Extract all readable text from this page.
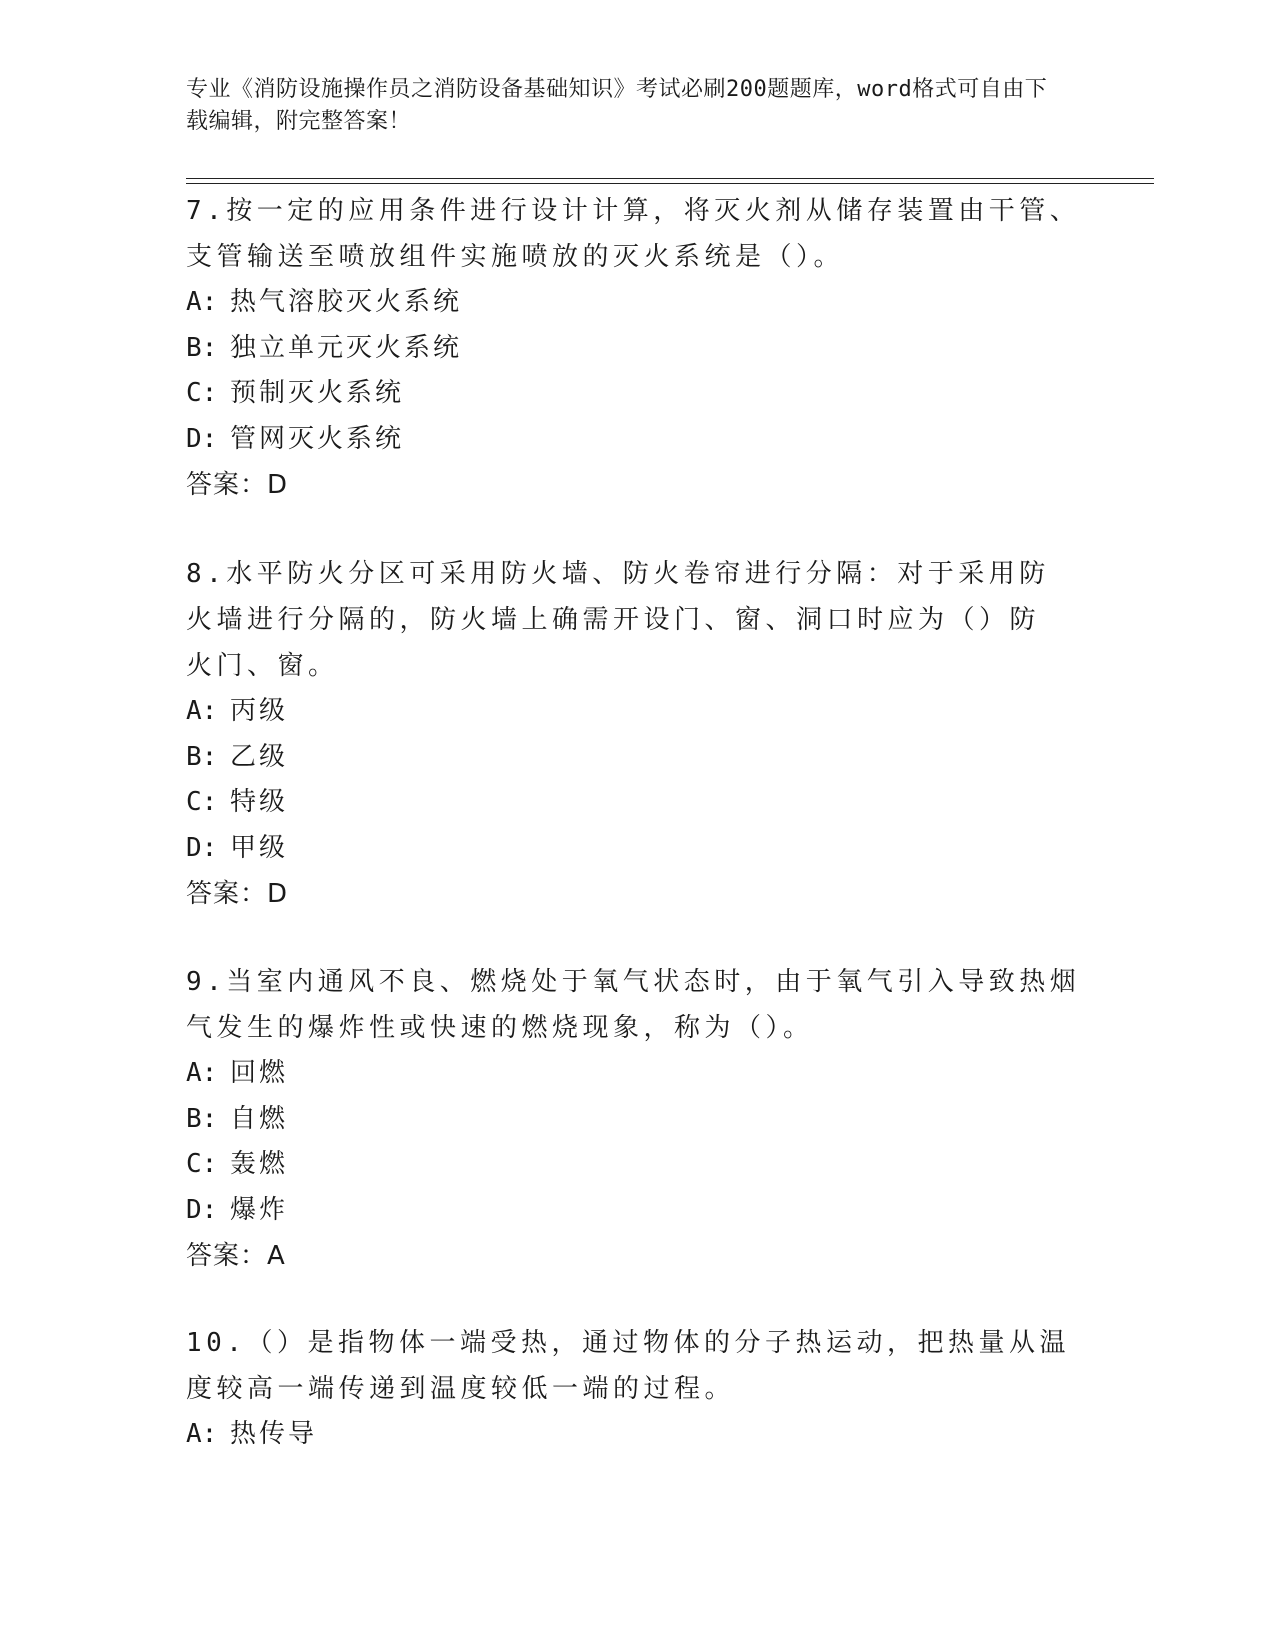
专业《消防设施操作员之消防设备基础知识》考试必刷200题题库，word格式可自由下载编辑，附完整答案！
7.按一定的应用条件进行设计计算，将灭火剂从储存装置由干管、支管输送至喷放组件实施喷放的灭火系统是（）。
A: 热气溶胶灭火系统
B: 独立单元灭火系统
C: 预制灭火系统
D: 管网灭火系统
答案：D
8.水平防火分区可采用防火墙、防火卷帘进行分隔：对于采用防火墙进行分隔的，防火墙上确需开设门、窗、洞口时应为（）防火门、窗。
A: 丙级
B: 乙级
C: 特级
D: 甲级
答案：D
9.当室内通风不良、燃烧处于氧气状态时，由于氧气引入导致热烟气发生的爆炸性或快速的燃烧现象，称为（）。
A: 回燃
B: 自燃
C: 轰燃
D: 爆炸
答案：A
10.（）是指物体一端受热，通过物体的分子热运动，把热量从温度较高一端传递到温度较低一端的过程。
A: 热传导
